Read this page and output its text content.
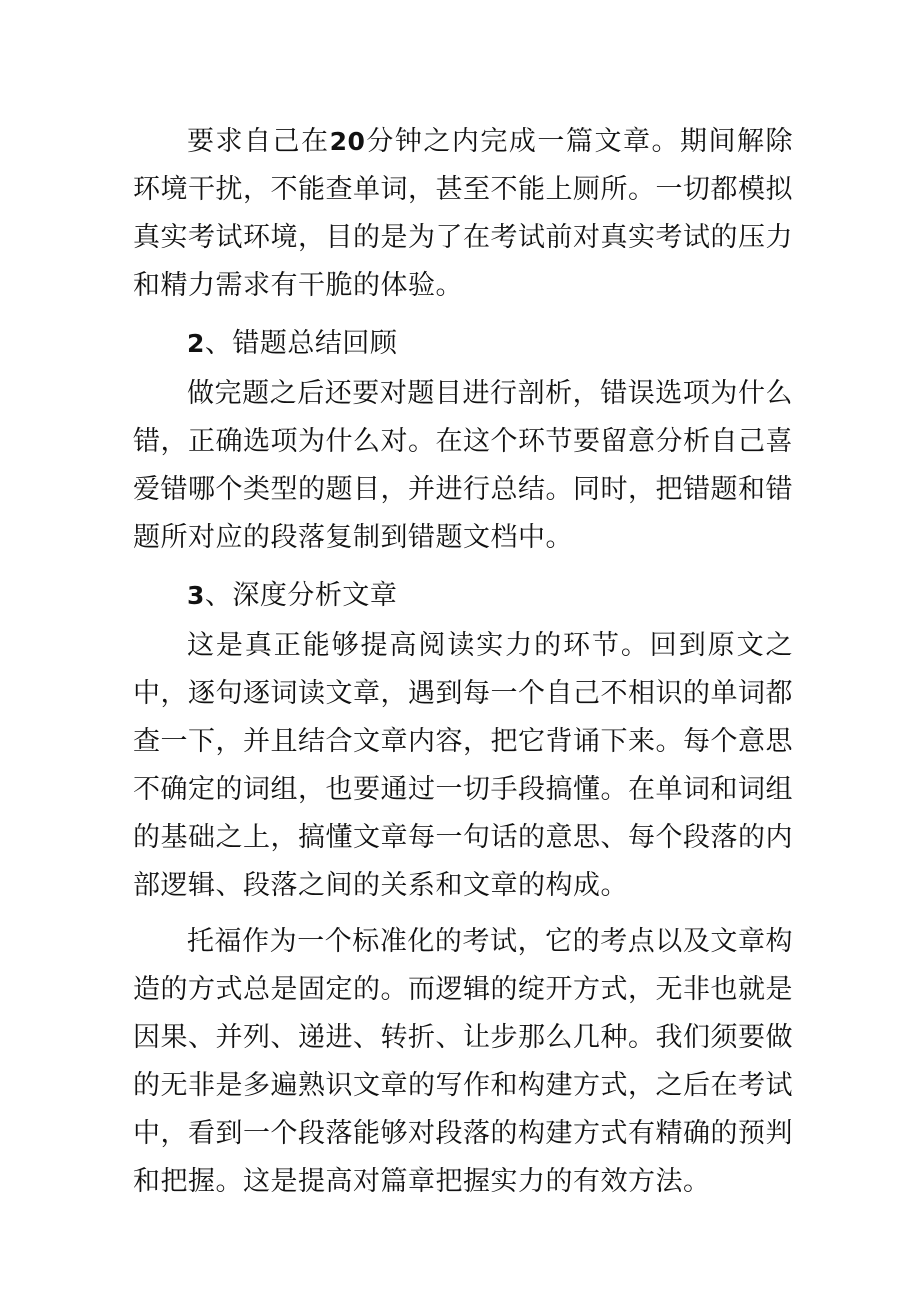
要求自己在20分钟之内完成一篇文章。期间解除环境干扰，不能查单词，甚至不能上厕所。一切都模拟真实考试环境，目的是为了在考试前对真实考试的压力和精力需求有干脆的体验。

2、错题总结回顾

做完题之后还要对题目进行剖析，错误选项为什么错，正确选项为什么对。在这个环节要留意分析自己喜爱错哪个类型的题目，并进行总结。同时，把错题和错题所对应的段落复制到错题文档中。

3、深度分析文章

这是真正能够提高阅读实力的环节。回到原文之中，逐句逐词读文章，遇到每一个自己不相识的单词都查一下，并且结合文章内容，把它背诵下来。每个意思不确定的词组，也要通过一切手段搞懂。在单词和词组的基础之上，搞懂文章每一句话的意思、每个段落的内部逻辑、段落之间的关系和文章的构成。

托福作为一个标准化的考试，它的考点以及文章构造的方式总是固定的。而逻辑的绽开方式，无非也就是因果、并列、递进、转折、让步那么几种。我们须要做的无非是多遍熟识文章的写作和构建方式，之后在考试中，看到一个段落能够对段落的构建方式有精确的预判和把握。这是提高对篇章把握实力的有效方法。
